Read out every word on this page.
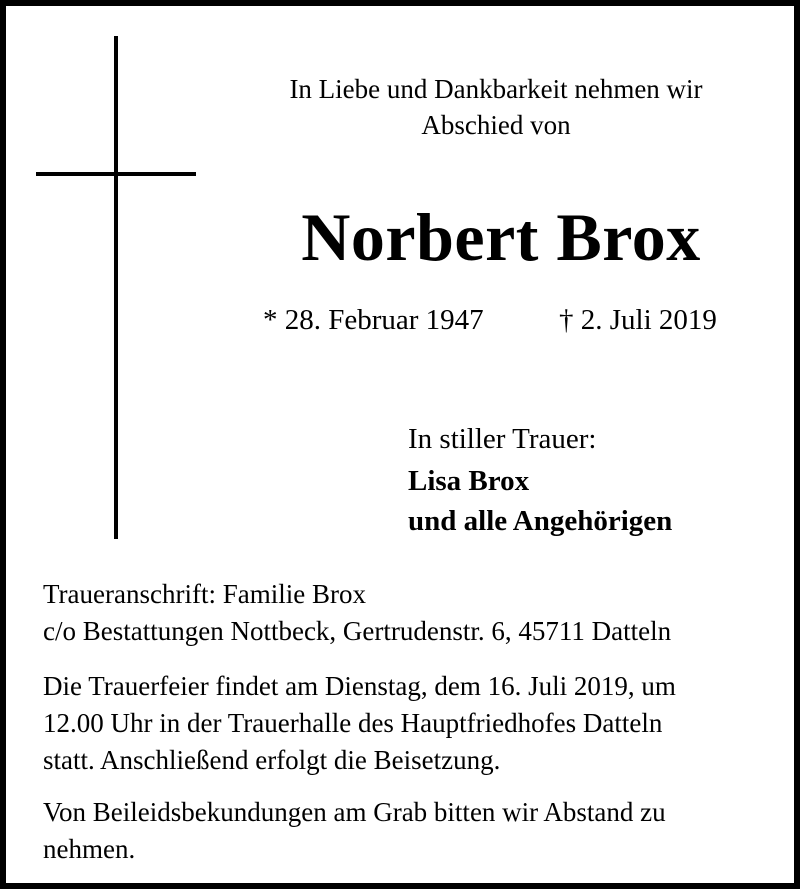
In Liebe und Dankbarkeit nehmen wir

Abschied von

Norbert Brox
* 28. Februar 1947	† 2. Juli 2019
In stiller Trauer:
Lisa Brox
und alle Angehörigen
Traueranschrift: Familie Brox
c/o Bestattungen Nottbeck, Gertrudenstr. 6, 45711 Datteln
Die Trauerfeier findet am Dienstag, dem 16. Juli 2019, um
12.00 Uhr in der Trauerhalle des Hauptfriedhofes Datteln
statt. Anschließend erfolgt die Beisetzung.
Von Beileidsbekundungen am Grab bitten wir Abstand zu
nehmen.
